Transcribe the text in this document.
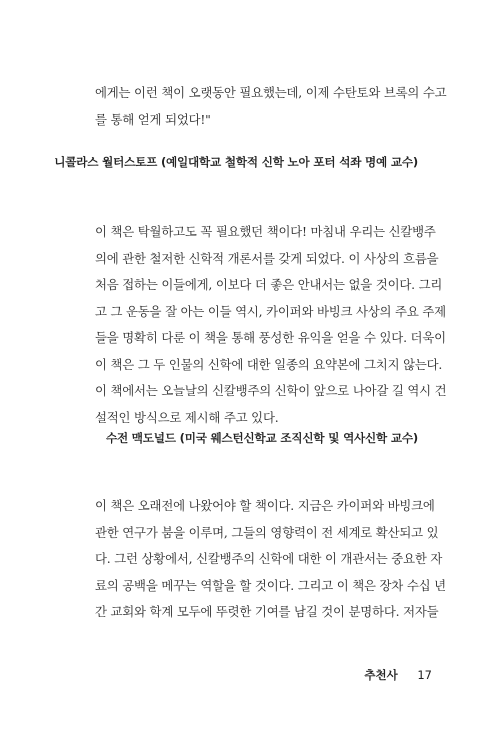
에게는 이런 책이 오랫동안 필요했는데, 이제 수탄토와 브록의 수고
를 통해 얻게 되었다!"
니콜라스 월터스토프 (예일대학교 철학적 신학 노아 포터 석좌 명예 교수)
이 책은 탁월하고도 꼭 필요했던 책이다! 마침내 우리는 신칼뱅주
의에 관한 철저한 신학적 개론서를 갖게 되었다. 이 사상의 흐름을
처음 접하는 이들에게, 이보다 더 좋은 안내서는 없을 것이다. 그리
고 그 운동을 잘 아는 이들 역시, 카이퍼와 바빙크 사상의 주요 주제
들을 명확히 다룬 이 책을 통해 풍성한 유익을 얻을 수 있다. 더욱이
이 책은 그 두 인물의 신학에 대한 일종의 요약본에 그치지 않는다.
이 책에서는 오늘날의 신칼뱅주의 신학이 앞으로 나아갈 길 역시 건
설적인 방식으로 제시해 주고 있다.
수전 맥도널드 (미국 웨스턴신학교 조직신학 및 역사신학 교수)
이 책은 오래전에 나왔어야 할 책이다. 지금은 카이퍼와 바빙크에
관한 연구가 붐을 이루며, 그들의 영향력이 전 세계로 확산되고 있
다. 그런 상황에서, 신칼뱅주의 신학에 대한 이 개관서는 중요한 자
료의 공백을 메꾸는 역할을 할 것이다. 그리고 이 책은 장차 수십 년
간 교회와 학계 모두에 뚜렷한 기여를 남길 것이 분명하다. 저자들
추천사 17
